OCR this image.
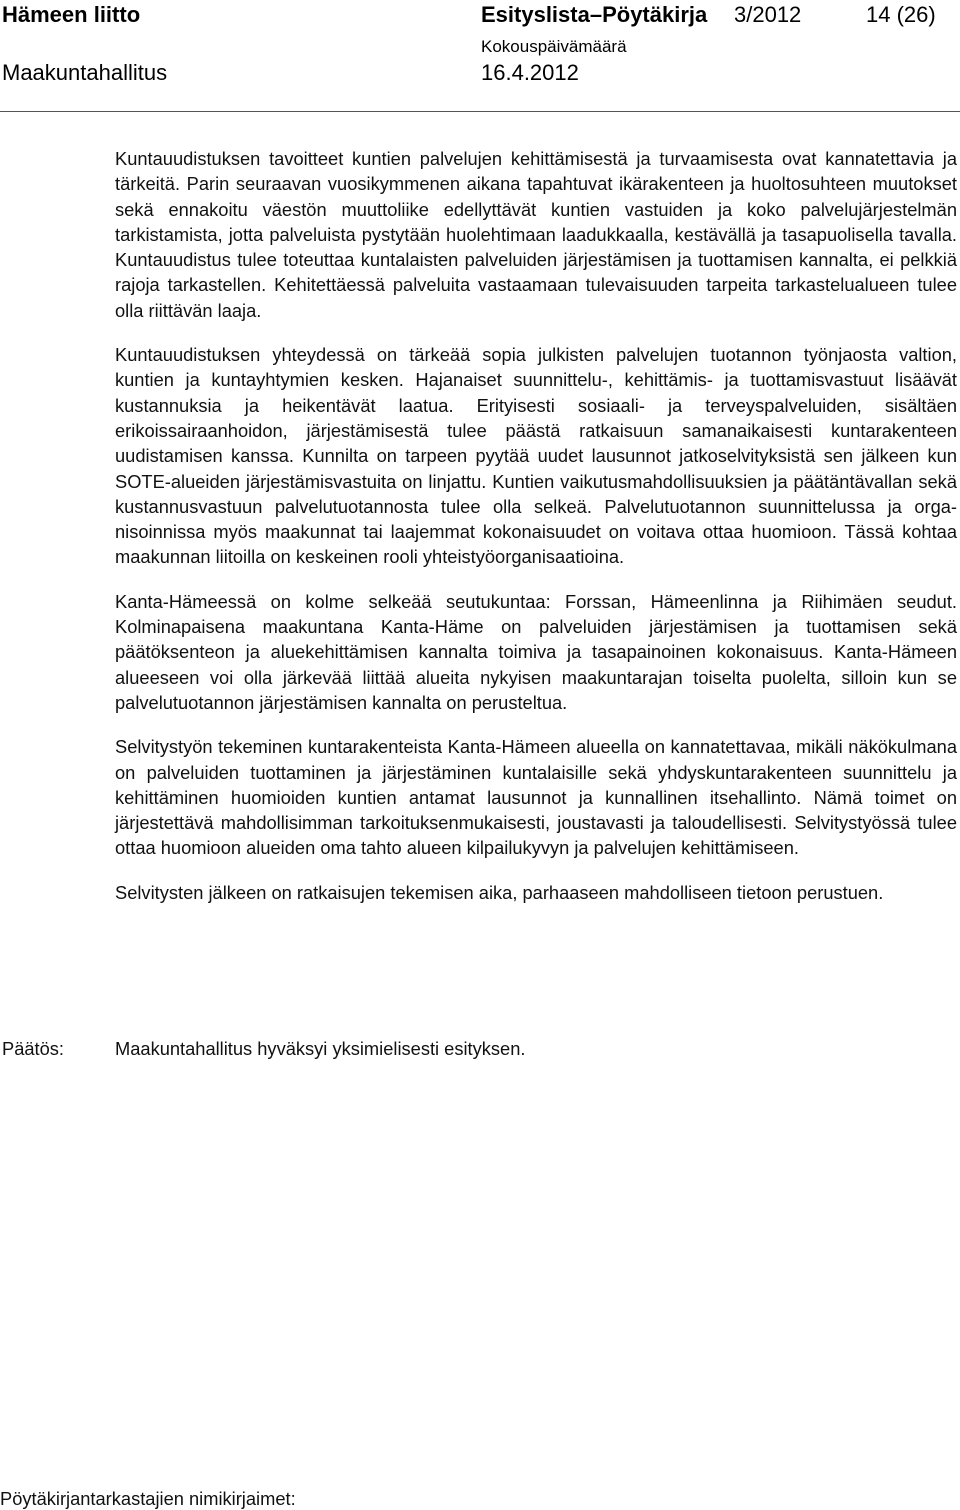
Hämeen liitto	Esityslista–Pöytäkirja 3/2012	14 (26)
Maakuntahallitus
Kokouspäivämäärä
16.4.2012

Kuntauudistuksen tavoitteet kuntien palvelujen kehittämisestä ja turvaamisesta ovat kannatettavia ja tärkeitä. Parin seuraavan vuosikymmenen aikana tapahtuvat ikärakenteen ja huoltosuhteen muutokset sekä ennakoitu väestön muuttoliike edellyttävät kuntien vastuiden ja koko palvelujärjestelmän tarkistamista, jotta palveluista pystytään huolehtimaan laadukkaalla, kestävällä ja tasapuolisella tavalla. Kuntauudistus tulee toteuttaa kuntalaisten palveluiden järjestämisen ja tuottamisen kannalta, ei pelkkiä rajoja tarkastellen. Kehitettäessä palveluita vastaamaan tulevaisuuden tarpeita tarkastelualueen tulee olla riittävän laaja.

Kuntauudistuksen yhteydessä on tärkeää sopia julkisten palvelujen tuotannon työnjaosta valtion, kuntien ja kuntayhtymien kesken. Hajanaiset suunnittelu-, kehittämis- ja tuottamisvastuut lisäävät kustannuksia ja heikentävät laatua. Erityisesti sosiaali- ja terveyspalveluiden, sisältäen erikoissairaanhoidon, järjestämisestä tulee päästä ratkaisuun samanaikaisesti kuntarakenteen uudistamisen kanssa. Kunnilta on tarpeen pyytää uudet lausunnot jatkoselvityksistä sen jälkeen kun SOTE-alueiden järjestämisvastuita on linjattu. Kuntien vaikutusmahdollisuuksien ja päätäntävallan sekä kustannusvastuun palvelutuotannosta tulee olla selkeä. Palvelutuotannon suunnittelussa ja organisoinnissa myös maakunnat tai laajemmat kokonaisuudet on voitava ottaa huomioon. Tässä kohtaa maakunnan liitoilla on keskeinen rooli yhteistyöorganisaatioina.

Kanta-Hämeessä on kolme selkeää seutukuntaa: Forssan, Hämeenlinna ja Riihimäen seudut. Kolminapaisena maakuntana Kanta-Häme on palveluiden järjestämisen ja tuottamisen sekä päätöksenteon ja aluekehittämisen kannalta toimiva ja tasapainoinen kokonaisuus. Kanta-Hämeen alueeseen voi olla järkevää liittää alueita nykyisen maakuntarajan toiselta puolelta, silloin kun se palvelutuotannon järjestämisen kannalta on perusteltua.

Selvitystyön tekeminen kuntarakenteista Kanta-Hämeen alueella on kannatettavaa, mikäli näkökulmana on palveluiden tuottaminen ja järjestäminen kuntalaisille sekä yhdyskuntarakenteen suunnittelu ja kehittäminen huomioiden kuntien antamat lausunnot ja kunnallinen itsehallinto. Nämä toimet on järjestettävä mahdollisimman tarkoituksenmukaisesti, joustavasti ja taloudellisesti. Selvitystyössä tulee ottaa huomioon alueiden oma tahto alueen kilpailukyvyn ja palvelujen kehittämiseen.

Selvitysten jälkeen on ratkaisujen tekemisen aika, parhaaseen mahdolliseen tietoon perustuen.

Päätös:	Maakuntahallitus hyväksyi yksimielisesti esityksen.
Pöytäkirjantarkastajien nimikirjaimet:
